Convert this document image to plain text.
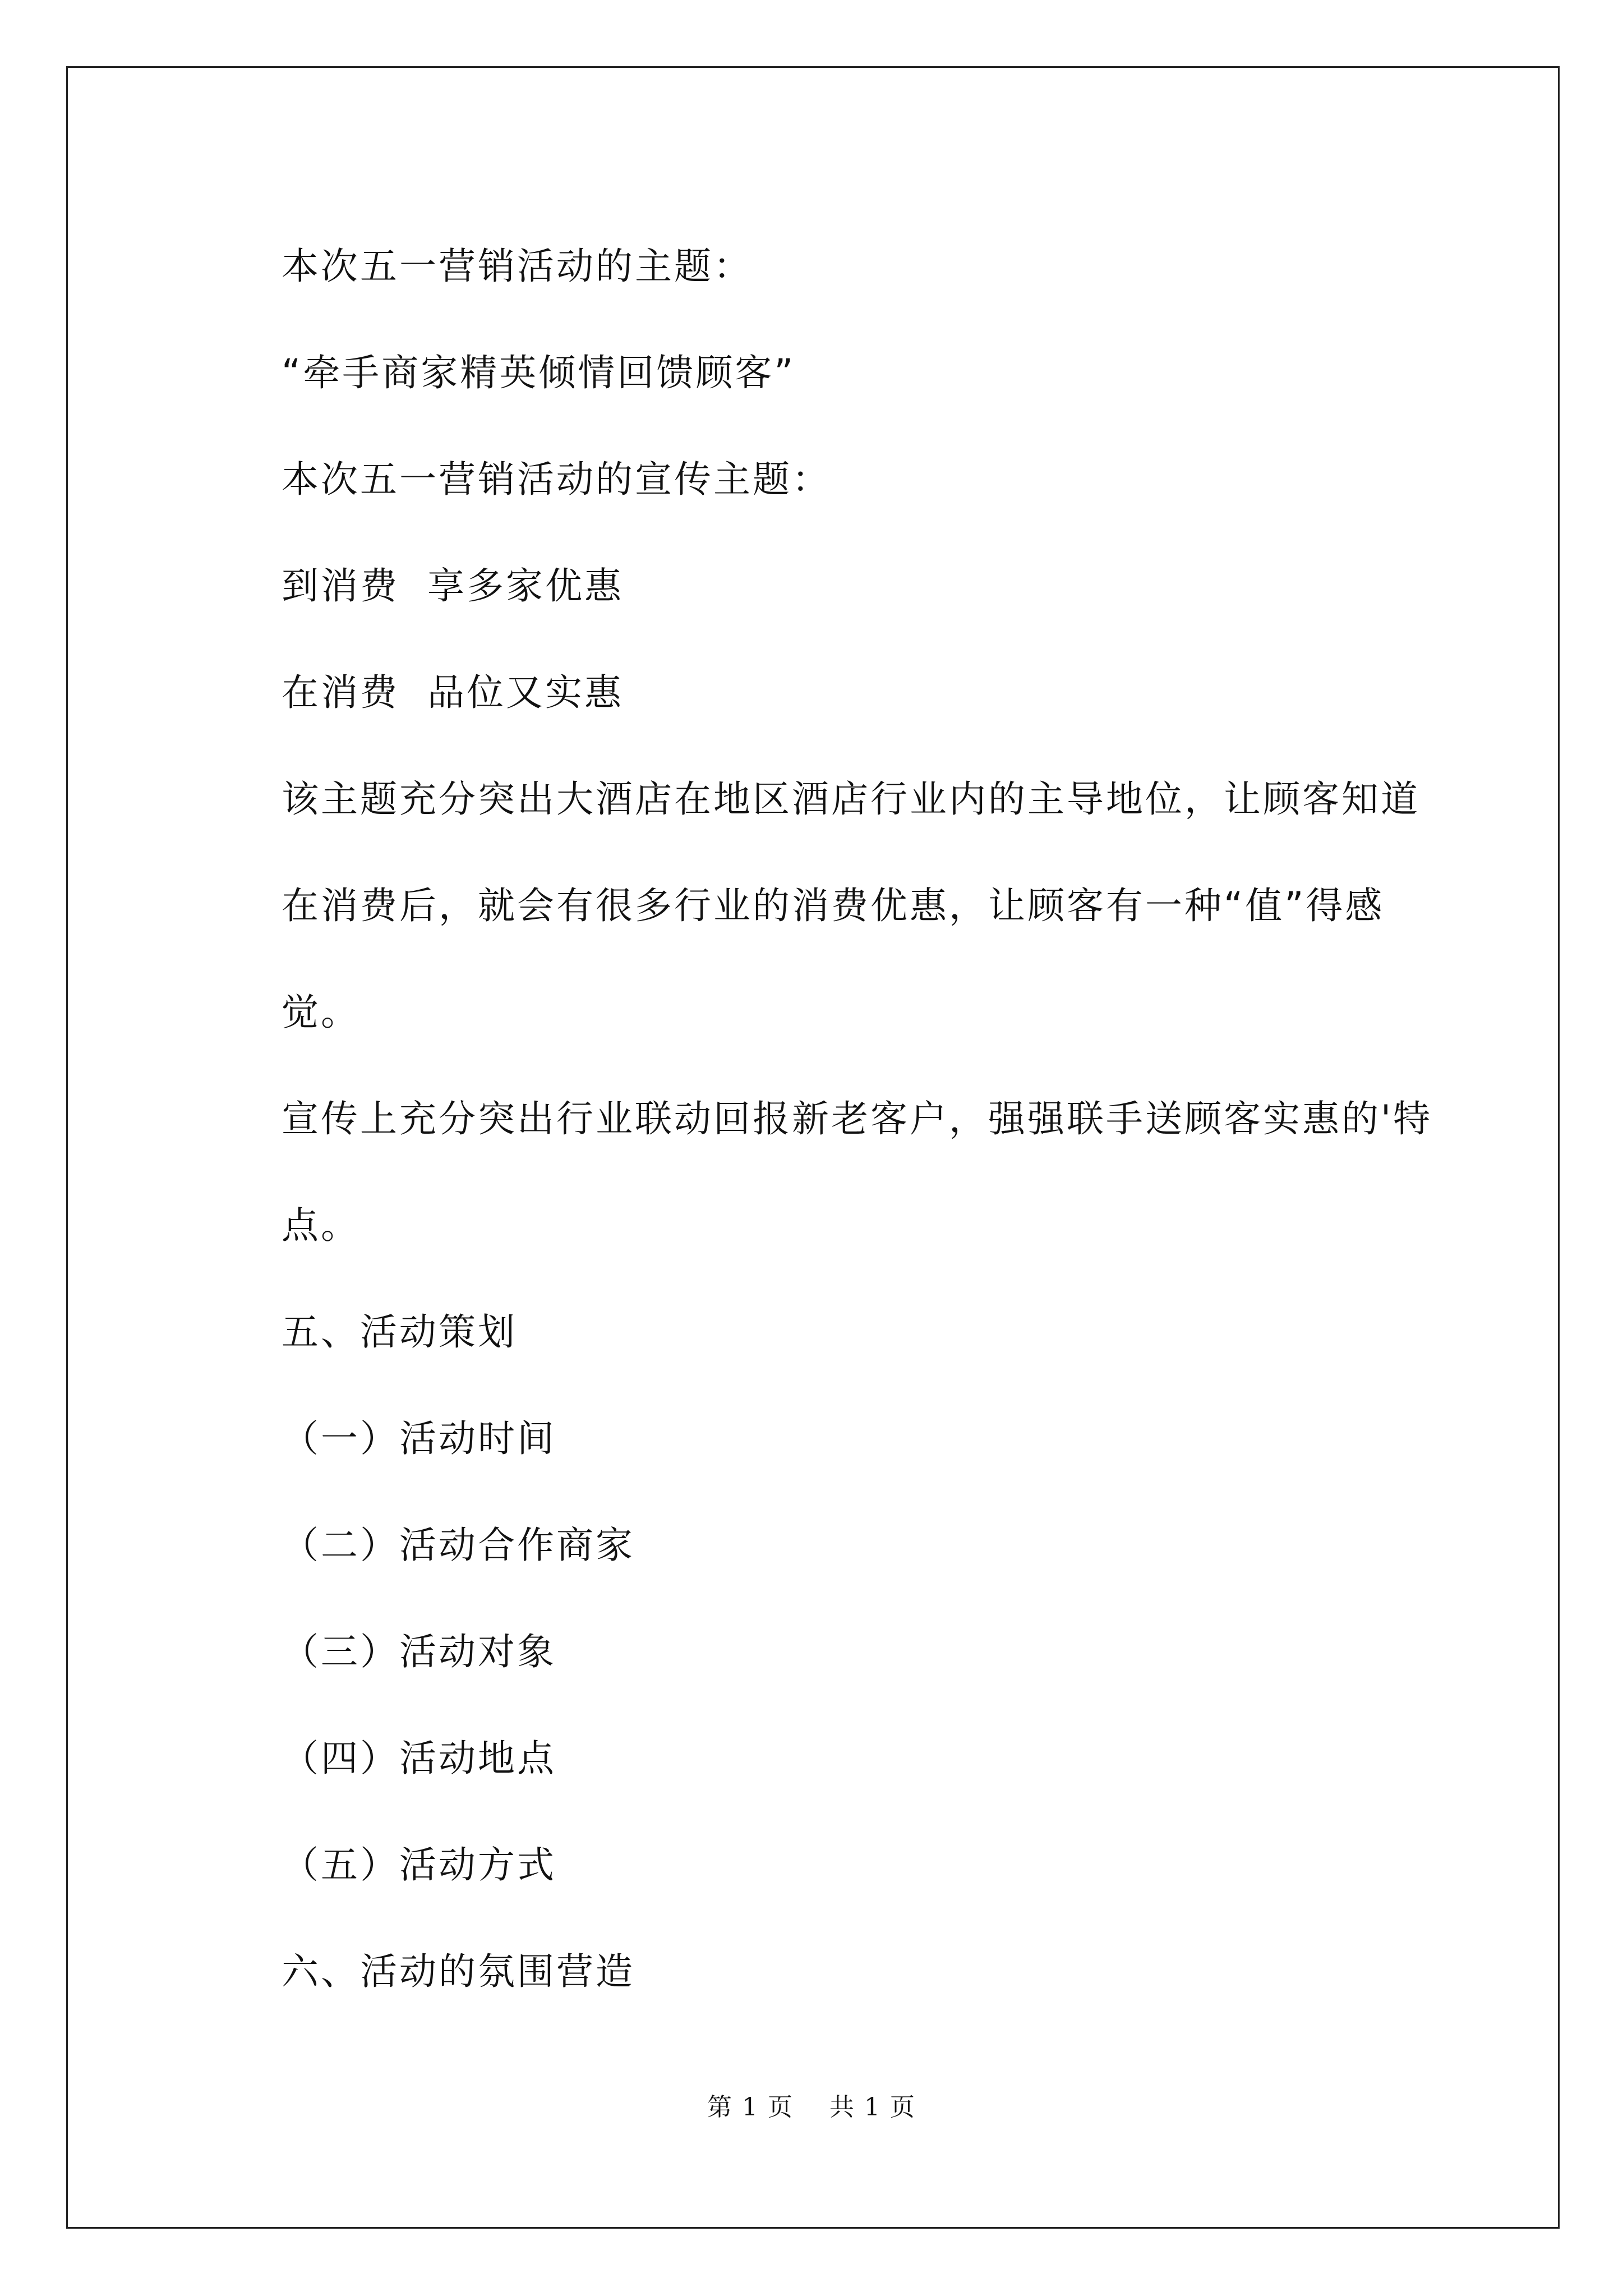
本次五一营销活动的主题：

“牵手商家精英倾情回馈顾客”

本次五一营销活动的宣传主题：

到消费  享多家优惠

在消费  品位又实惠

该主题充分突出大酒店在地区酒店行业内的主导地位，让顾客知道在消费后，就会有很多行业的消费优惠，让顾客有一种“值”得感觉。

宣传上充分突出行业联动回报新老客户，强强联手送顾客实惠的'特点。

五、活动策划

（一）活动时间

（二）活动合作商家

（三）活动对象

（四）活动地点

（五）活动方式

六、活动的氛围营造

第 1 页    共 1 页
